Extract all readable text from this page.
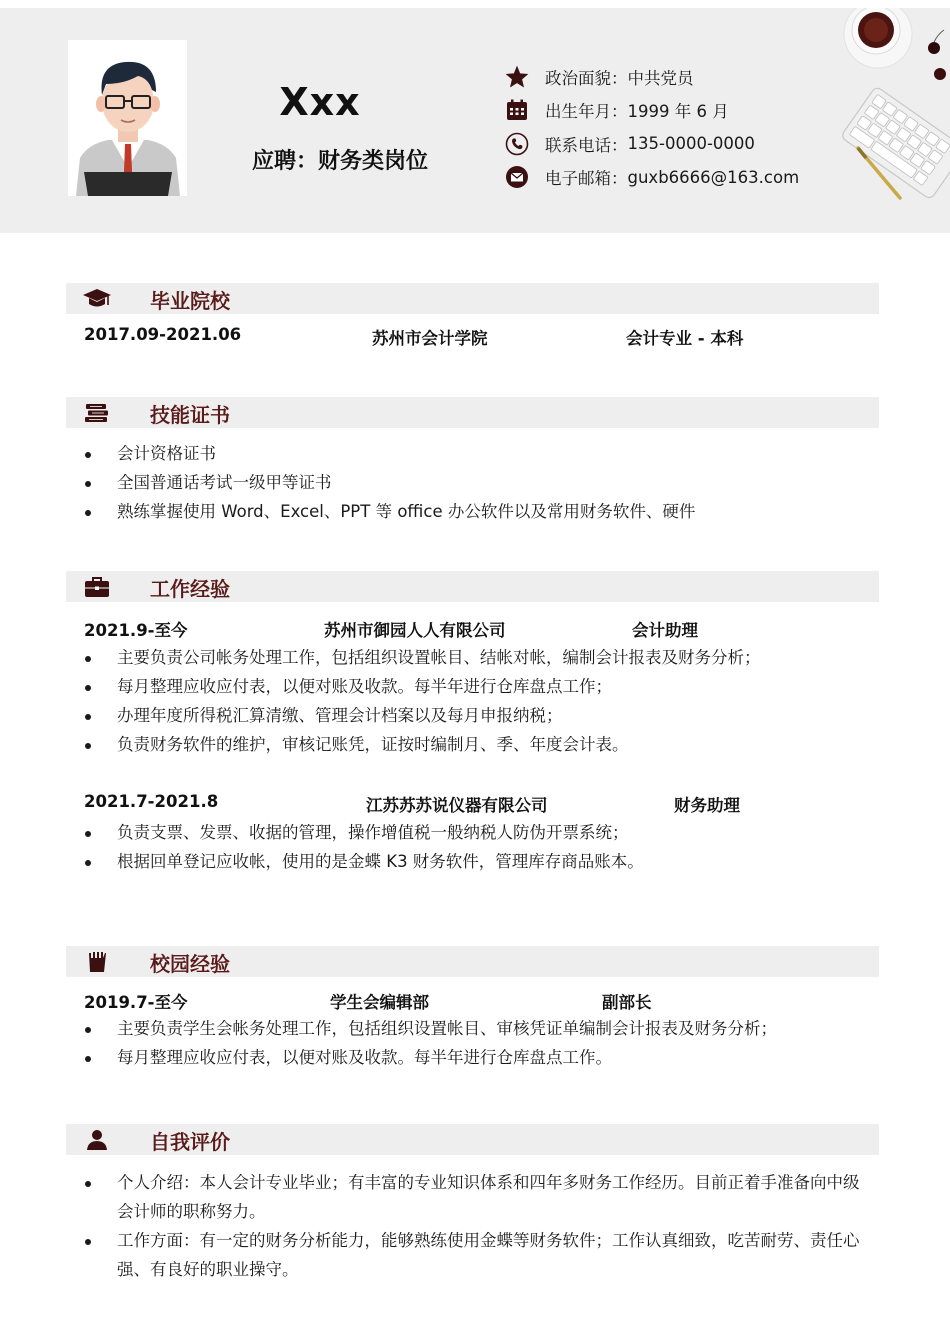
Xxx
应聘：财务类岗位
政治面貌： 中共党员
出生年月： 1999 年 6 月
联系电话： 135-0000-0000
电子邮箱： guxb6666@163.com
毕业院校
2017.09-2021.06	苏州市会计学院	会计专业 - 本科
技能证书
会计资格证书
全国普通话考试一级甲等证书
熟练掌握使用 Word、Excel、PPT 等 office 办公软件以及常用财务软件、硬件
工作经验
2021.9-至今	苏州市御园人人有限公司	会计助理
主要负责公司帐务处理工作，包括组织设置帐目、结帐对帐，编制会计报表及财务分析；
每月整理应收应付表，以便对账及收款。每半年进行仓库盘点工作；
办理年度所得税汇算清缴、管理会计档案以及每月申报纳税；
负责财务软件的维护，审核记账凭，证按时编制月、季、年度会计表。
2021.7-2021.8	江苏苏苏说仪器有限公司	财务助理
负责支票、发票、收据的管理，操作增值税一般纳税人防伪开票系统；
根据回单登记应收帐，使用的是金蝶 K3 财务软件，管理库存商品账本。
校园经验
2019.7-至今	学生会编辑部	副部长
主要负责学生会帐务处理工作，包括组织设置帐目、审核凭证单编制会计报表及财务分析；
每月整理应收应付表，以便对账及收款。每半年进行仓库盘点工作。
自我评价
个人介绍：本人会计专业毕业；有丰富的专业知识体系和四年多财务工作经历。目前正着手准备向中级会计师的职称努力。
工作方面：有一定的财务分析能力，能够熟练使用金蝶等财务软件；工作认真细致，吃苦耐劳、责任心强、有良好的职业操守。
